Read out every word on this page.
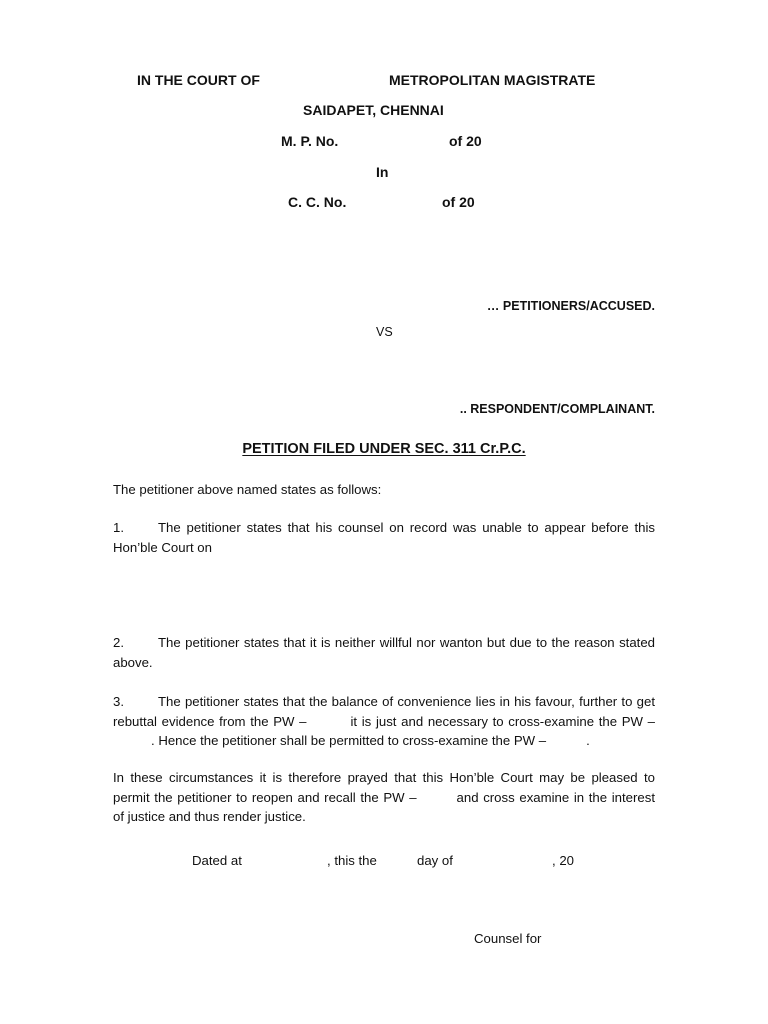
IN THE COURT OF	METROPOLITAN MAGISTRATE
SAIDAPET, CHENNAI
M. P. No.	of 20
In
C. C. No.	of 20
… PETITIONERS/ACCUSED.
VS
.. RESPONDENT/COMPLAINANT.
PETITION FILED UNDER SEC. 311 Cr.P.C.
The petitioner above named states as follows:
1.	The petitioner states that his counsel on record was unable to appear before this Hon’ble Court on
2.	The petitioner states that it is neither willful nor wanton but due to the reason stated above.
3.	The petitioner states that the balance of convenience lies in his favour, further to get rebuttal evidence from the PW –	it is just and necessary to cross-examine the PW –. Hence the petitioner shall be permitted to cross-examine the PW –	.
In these circumstances it is therefore prayed that this Hon’ble Court may be pleased to permit the petitioner to reopen and recall the PW –	and cross examine in the interest of justice and thus render justice.
Dated at	, this the	day of	, 20
Counsel for
